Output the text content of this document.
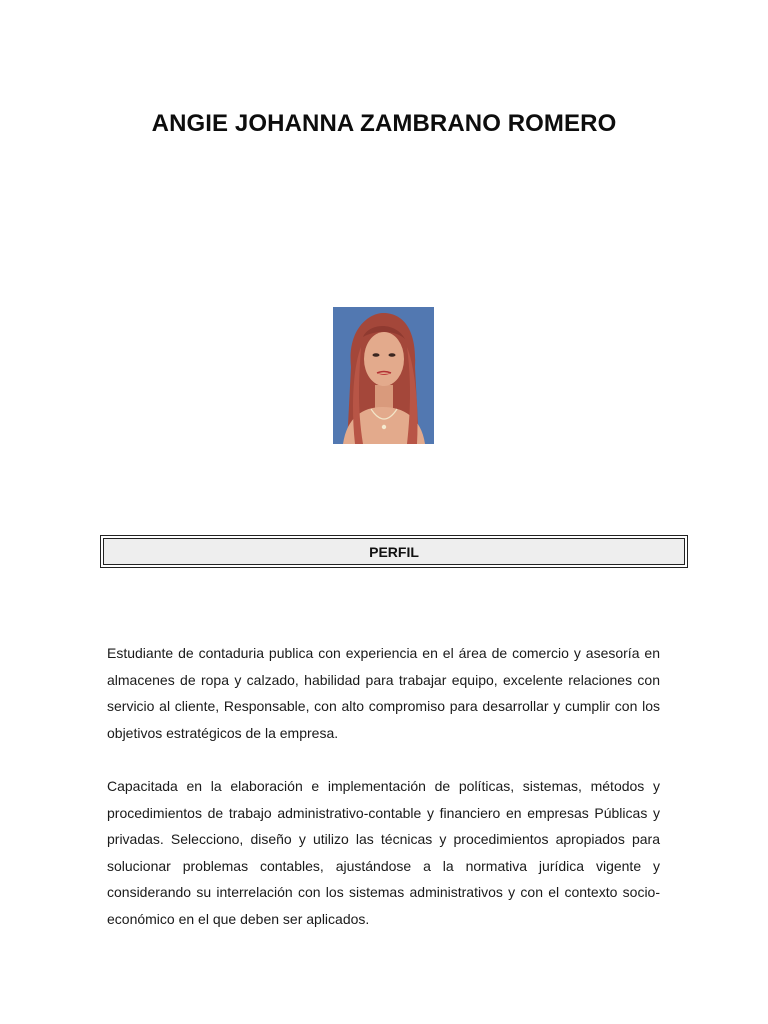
ANGIE JOHANNA ZAMBRANO ROMERO
PERFIL

Estudiante de contaduria publica con experiencia en el área de comercio y asesoría en almacenes de ropa y calzado, habilidad para trabajar equipo, excelente relaciones con servicio al cliente, Responsable, con alto compromiso para desarrollar y cumplir con los objetivos estratégicos de la empresa.

Capacitada en la elaboración e implementación de políticas, sistemas, métodos y procedimientos de trabajo administrativo-contable y financiero en empresas Públicas y privadas. Selecciono, diseño y utilizo las técnicas y procedimientos apropiados para solucionar problemas contables, ajustándose a la normativa jurídica vigente y considerando su interrelación con los sistemas administrativos y con el contexto socio-económico en el que deben ser aplicados.
